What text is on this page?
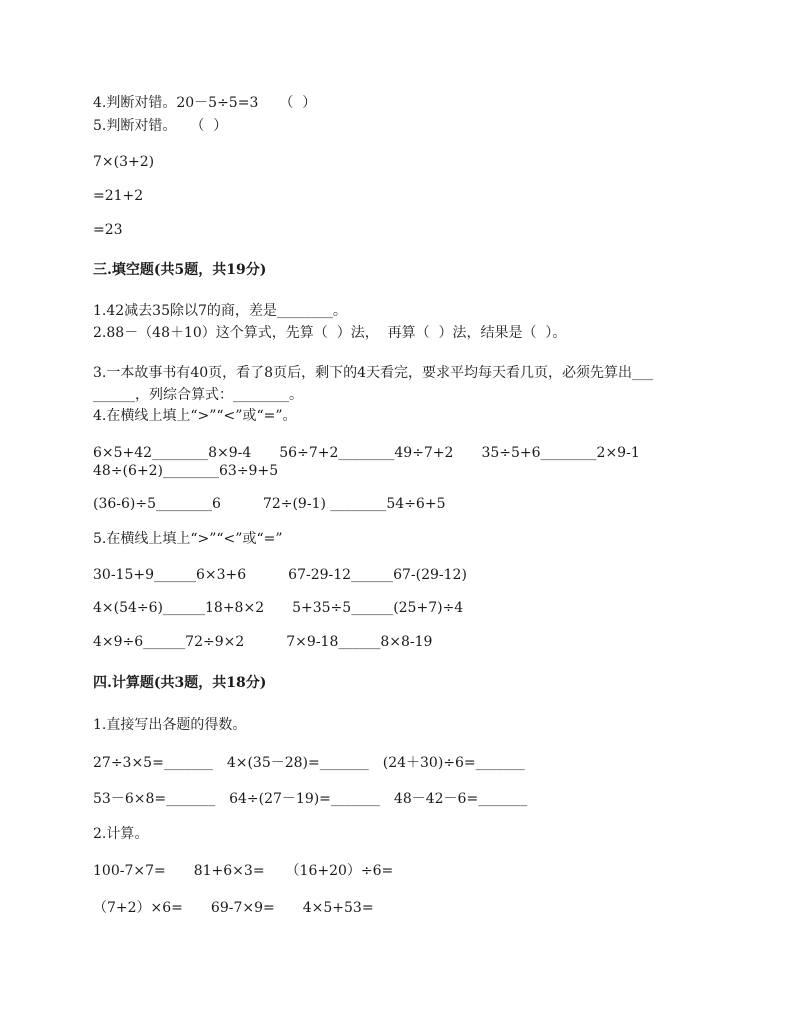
4.判断对错。20－5÷5=3　　（  ）
5.判断对错。　　（  ）
7×(3+2)
=21+2
=23
三.填空题(共5题，共19分)
1.42减去35除以7的商，差是________。
2.88－（48＋10）这个算式，先算（  ）法，  再算（  ）法，结果是（  ）。
3.一本故事书有40页，看了8页后，剩下的4天看完，要求平均每天看几页，必须先算出___
______，列综合算式：________。
4.在横线上填上“>”“<”或“=”。
6×5+42________8×9-4　　56÷7+2________49÷7+2　　35÷5+6________2×9-1
48÷(6+2)________63÷9+5
(36-6)÷5________6　　　72÷(9-1) ________54÷6+5
5.在横线上填上“>”“<”或“=”
30-15+9______6×3+6　　　67-29-12______67-(29-12)
4×(54÷6)______18+8×2　　5+35÷5______(25+7)÷4
4×9÷6______72÷9×2　　　7×9-18______8×8-19
四.计算题(共3题，共18分)
1.直接写出各题的得数。
27÷3×5=_______　4×(35－28)=_______　(24＋30)÷6=_______
53－6×8=_______　64÷(27－19)=_______　48－42－6=_______
2.计算。
100-7×7=　　81+6×3=　　（16+20）÷6=
（7+2）×6=　　69-7×9=　　4×5+53=
